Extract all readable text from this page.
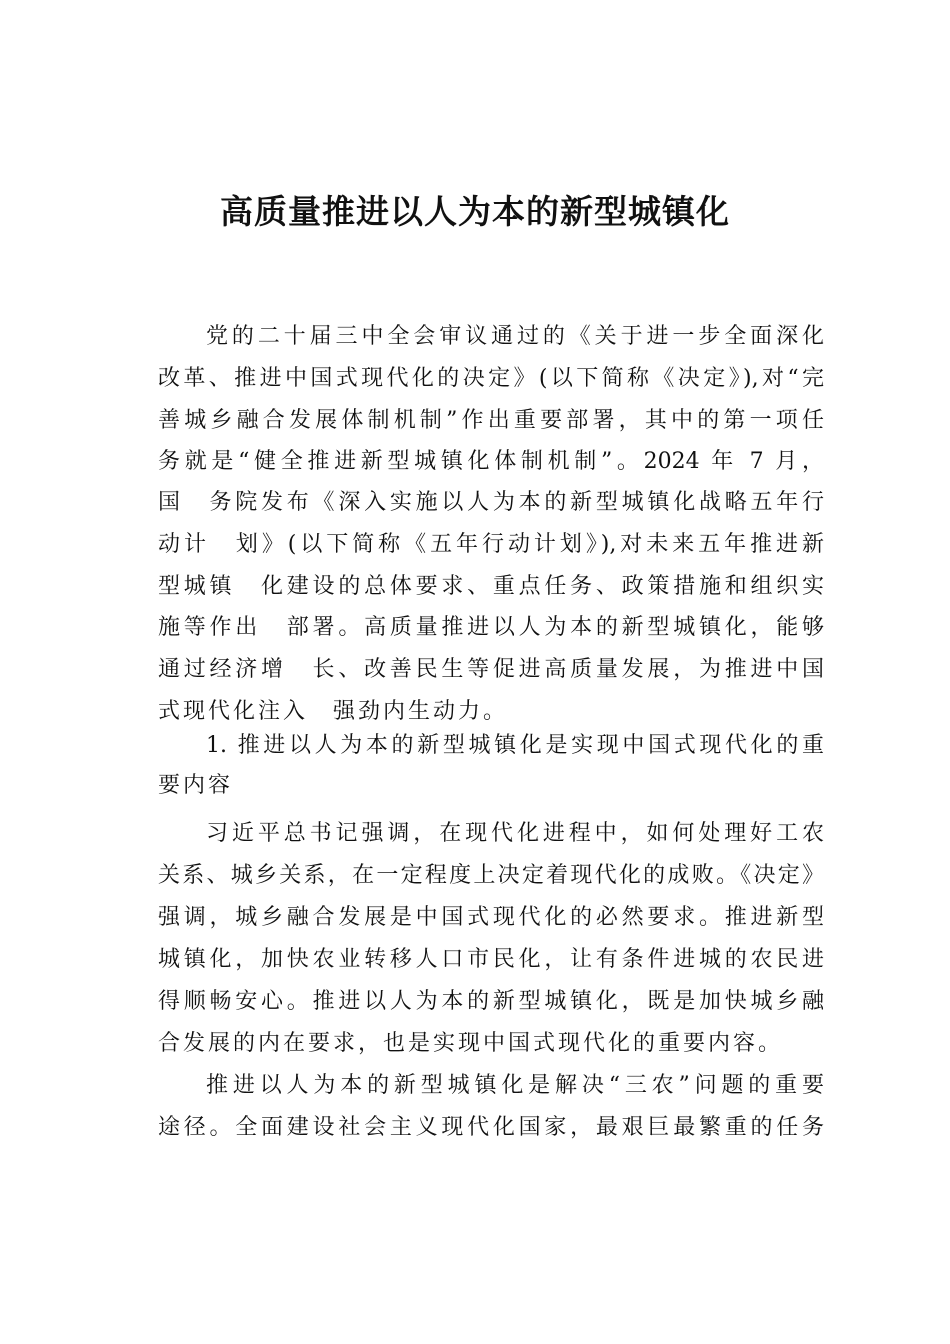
高质量推进以人为本的新型城镇化
党的二十届三中全会审议通过的《关于进一步全面深化
改革、推进中国式现代化的决定》(以下简称《决定》),对“完
善城乡融合发展体制机制”作出重要部署，其中的第一项任
务就是“健全推进新型城镇化体制机制”。2024 年 7 月，
国　务院发布《深入实施以人为本的新型城镇化战略五年行
动计　划》(以下简称《五年行动计划》),对未来五年推进新
型城镇　化建设的总体要求、重点任务、政策措施和组织实
施等作出　部署。高质量推进以人为本的新型城镇化，能够
通过经济增　长、改善民生等促进高质量发展，为推进中国
式现代化注入　强劲内生动力。
1. 推进以人为本的新型城镇化是实现中国式现代化的重
要内容
习近平总书记强调，在现代化进程中，如何处理好工农
关系、城乡关系，在一定程度上决定着现代化的成败。《决定》
强调，城乡融合发展是中国式现代化的必然要求。推进新型
城镇化，加快农业转移人口市民化，让有条件进城的农民进
得顺畅安心。推进以人为本的新型城镇化，既是加快城乡融
合发展的内在要求，也是实现中国式现代化的重要内容。
推进以人为本的新型城镇化是解决“三农”问题的重要
途径。全面建设社会主义现代化国家，最艰巨最繁重的任务
